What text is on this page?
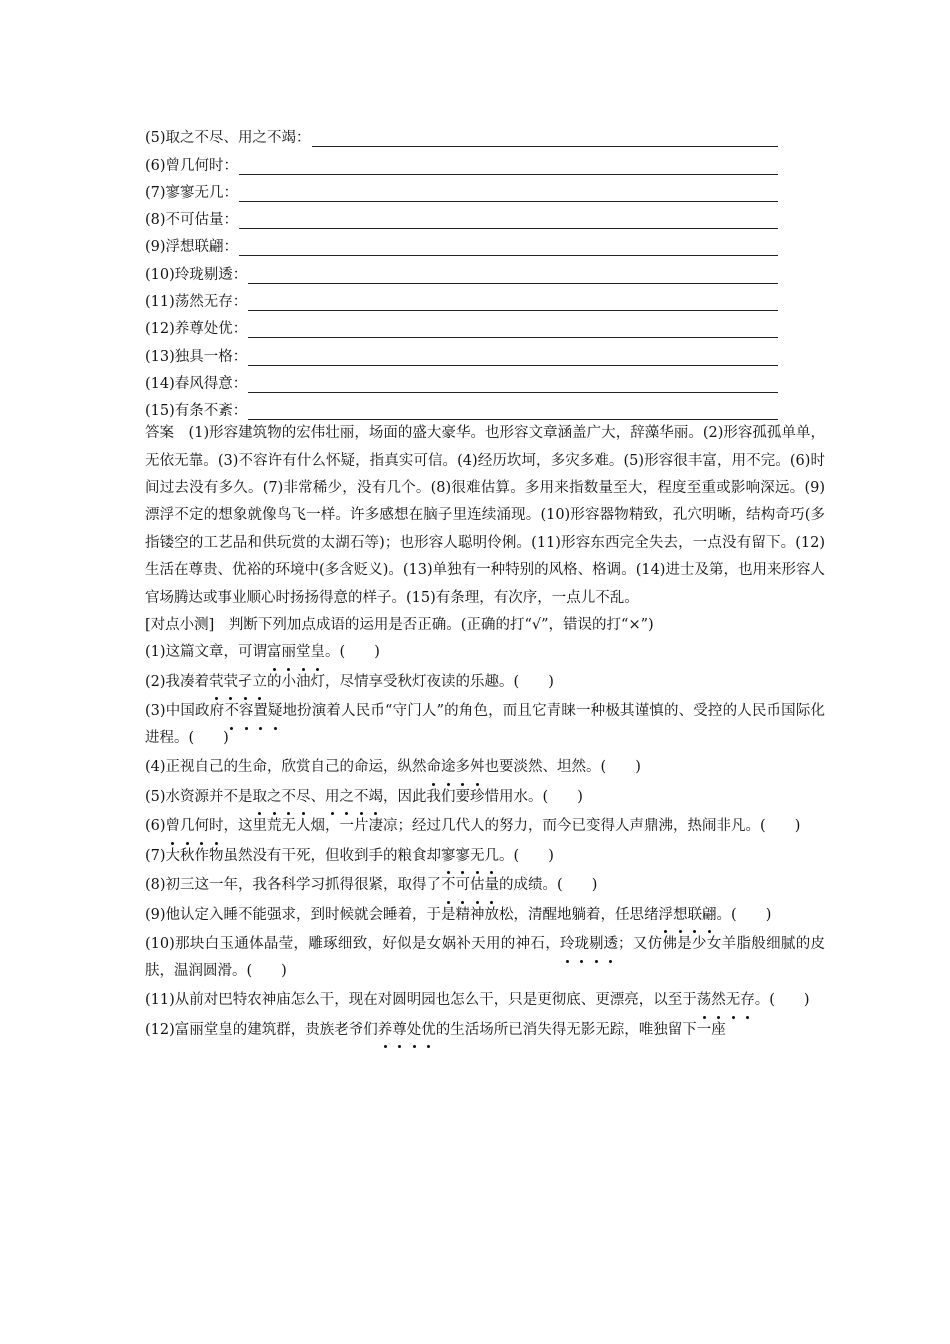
(5)取之不尽、用之不竭：
(6)曾几何时：
(7)寥寥无几：
(8)不可估量：
(9)浮想联翩：
(10)玲珑剔透：
(11)荡然无存：
(12)养尊处优：
(13)独具一格：
(14)春风得意：
(15)有条不紊：

答案　(1)形容建筑物的宏伟壮丽，场面的盛大豪华。也形容文章涵盖广大，辞藻华丽。(2)形容孤孤单单，无依无靠。(3)不容许有什么怀疑，指真实可信。(4)经历坎坷，多灾多难。(5)形容很丰富，用不完。(6)时间过去没有多久。(7)非常稀少，没有几个。(8)很难估算。多用来指数量至大，程度至重或影响深远。(9)漂浮不定的想象就像鸟飞一样。许多感想在脑子里连续涌现。(10)形容器物精致，孔穴明晰，结构奇巧(多指镂空的工艺品和供玩赏的太湖石等)；也形容人聪明伶俐。(11)形容东西完全失去，一点没有留下。(12)生活在尊贵、优裕的环境中(多含贬义)。(13)单独有一种特别的风格、格调。(14)进士及第，也用来形容人官场腾达或事业顺心时扬扬得意的样子。(15)有条理，有次序，一点儿不乱。

[对点小测]　判断下列加点成语的运用是否正确。(正确的打“√”，错误的打“×”)

(1)这篇文章，可谓富丽堂皇。(　　)

(2)我凑着茕茕孑立的小油灯，尽情享受秋灯夜读的乐趣。(　　)

(3)中国政府不容置疑地扮演着人民币“守门人”的角色，而且它青睐一种极其谨慎的、受控的人民币国际化进程。(　　)

(4)正视自己的生命，欣赏自己的命运，纵然命途多舛也要淡然、坦然。(　　)

(5)水资源并不是取之不尽、用之不竭，因此我们要珍惜用水。(　　)

(6)曾几何时，这里荒无人烟，一片凄凉；经过几代人的努力，而今已变得人声鼎沸，热闹非凡。(　　)

(7)大秋作物虽然没有干死，但收到手的粮食却寥寥无几。(　　)

(8)初三这一年，我各科学习抓得很紧，取得了不可估量的成绩。(　　)

(9)他认定入睡不能强求，到时候就会睡着，于是精神放松，清醒地躺着，任思绪浮想联翩。(　　)

(10)那块白玉通体晶莹，雕琢细致，好似是女娲补天用的神石，玲珑剔透；又仿佛是少女羊脂般细腻的皮肤，温润圆滑。(　　)

(11)从前对巴特农神庙怎么干，现在对圆明园也怎么干，只是更彻底、更漂亮，以至于荡然无存。(　　)

(12)富丽堂皇的建筑群，贵族老爷们养尊处优的生活场所已消失得无影无踪，唯独留下一座
